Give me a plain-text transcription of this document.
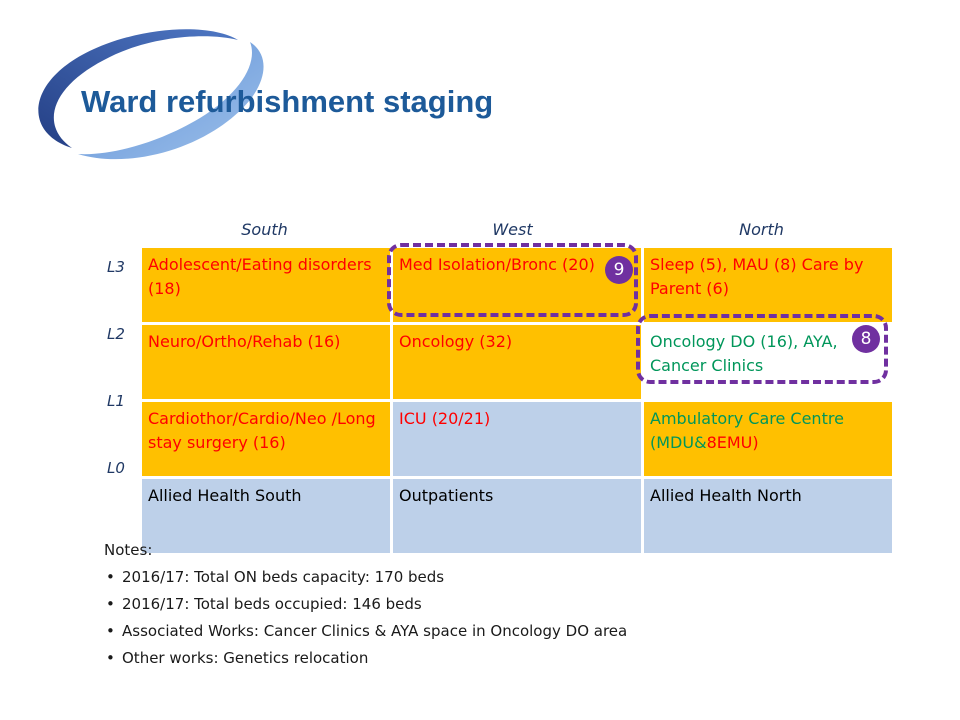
Ward refurbishment staging
South	West	North
L3
L2
L1
L0
Adolescent/Eating disorders (18)	Med Isolation/Bronc (20)	Sleep (5), MAU (8) Care by Parent (6)
Neuro/Ortho/Rehab (16)	Oncology (32)	Oncology DO (16), AYA, Cancer Clinics
Cardiothor/Cardio/Neo /Long stay surgery (16)	ICU (20/21)	Ambulatory Care Centre (MDU&8EMU)
Allied Health South	Outpatients	Allied Health North
9
8
Notes:
• 2016/17: Total ON beds capacity: 170 beds
• 2016/17: Total beds occupied: 146 beds
• Associated Works: Cancer Clinics & AYA space in Oncology DO area
• Other works: Genetics relocation
